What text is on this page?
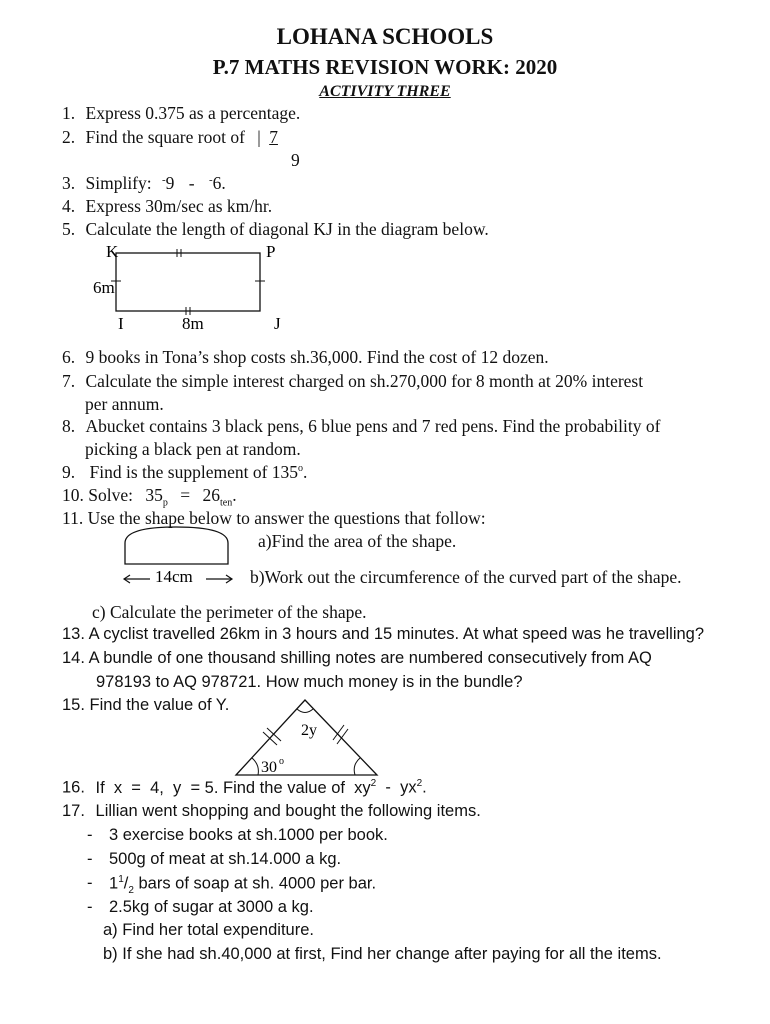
LOHANA SCHOOLS
P.7 MATHS REVISION WORK: 2020
ACTIVITY THREE
1. Express 0.375 as a percentage.
2. Find the square root of | 7
9
3. Simplify: -9 - -6.
4. Express 30m/sec as km/hr.
5. Calculate the length of diagonal KJ in the diagram below.
K	P
6m
I	8m	J
6. 9 books in Tona’s shop costs sh.36,000. Find the cost of 12 dozen.
7. Calculate the simple interest charged on sh.270,000 for 8 month at 20% interest
per annum.
8. Abucket contains 3 black pens, 6 blue pens and 7 red pens. Find the probability of
picking a black pen at random.
9. Find is the supplement of 135$^o$.
10. Solve: $35_p = 26_{ten}$.
11. Use the shape below to answer the questions that follow:
a)Find the area of the shape.
b)Work out the circumference of the curved part of the shape.
14cm
c) Calculate the perimeter of the shape.
13. A cyclist travelled 26km in 3 hours and 15 minutes. At what speed was he travelling?
14. A bundle of one thousand shilling notes are numbered consecutively from AQ
978193 to AQ 978721. How much money is in the bundle?
15. Find the value of Y.
2y
30 o
16. If  x  =  4,  y  = 5. Find the value of  $xy^2 - yx^2$.
17. Lillian went shopping and bought the following items.
- 3 exercise books at sh.1000 per book.
- 500g of meat at sh.14.000 a kg.
- $1^1/_2$ bars of soap at sh. 4000 per bar.
- 2.5kg of sugar at 3000 a kg.
a) Find her total expenditure.
b) If she had sh.40,000 at first, Find her change after paying for all the items.
